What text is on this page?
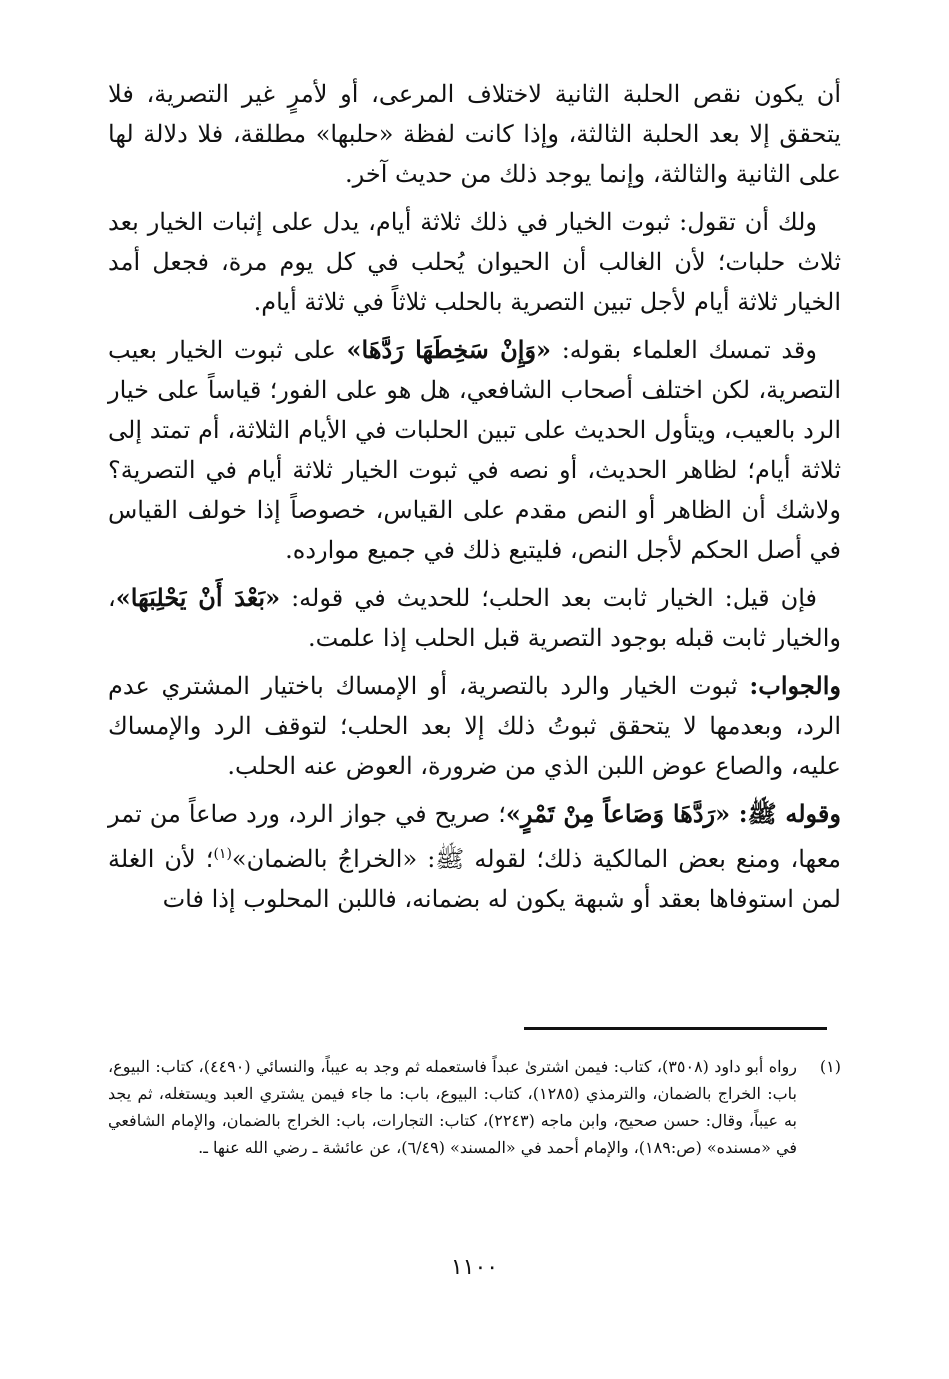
أن يكون نقص الحلبة الثانية لاختلاف المرعى، أو لأمرٍ غير التصرية، فلا يتحقق إلا بعد الحلبة الثالثة، وإذا كانت لفظة «حلبها» مطلقة، فلا دلالة لها على الثانية والثالثة، وإنما يوجد ذلك من حديث آخر.

ولك أن تقول: ثبوت الخيار في ذلك ثلاثة أيام، يدل على إثبات الخيار بعد ثلاث حلبات؛ لأن الغالب أن الحيوان يُحلب في كل يوم مرة، فجعل أمد الخيار ثلاثة أيام لأجل تبين التصرية بالحلب ثلاثاً في ثلاثة أيام.

وقد تمسك العلماء بقوله: «وَإِنْ سَخِطَهَا رَدَّهَا» على ثبوت الخيار بعيب التصرية، لكن اختلف أصحاب الشافعي، هل هو على الفور؛ قياساً على خيار الرد بالعيب، ويتأول الحديث على تبين الحلبات في الأيام الثلاثة، أم تمتد إلى ثلاثة أيام؛ لظاهر الحديث، أو نصه في ثبوت الخيار ثلاثة أيام في التصرية؟ ولاشك أن الظاهر أو النص مقدم على القياس، خصوصاً إذا خولف القياس في أصل الحكم لأجل النص، فليتبع ذلك في جميع موارده.

فإن قيل: الخيار ثابت بعد الحلب؛ للحديث في قوله: «بَعْدَ أَنْ يَحْلِبَهَا»، والخيار ثابت قبله بوجود التصرية قبل الحلب إذا علمت.

والجواب: ثبوت الخيار والرد بالتصرية، أو الإمساك باختيار المشتري عدم الرد، وبعدمها لا يتحقق ثبوتُ ذلك إلا بعد الحلب؛ لتوقف الرد والإمساك عليه، والصاع عوض اللبن الذي من ضرورة، العوض عنه الحلب.

وقوله ﷺ: «رَدَّهَا وَصَاعاً مِنْ تَمْرٍ»؛ صريح في جواز الرد، ورد صاعاً من تمر معها، ومنع بعض المالكية ذلك؛ لقوله ﷺ: «الخراجُ بالضمان»$^{(١)}$؛ لأن الغلة لمن استوفاها بعقد أو شبهة يكون له بضمانه، فاللبن المحلوب إذا فات

(١)
رواه أبو داود (٣٥٠٨)، كتاب: فيمن اشترىٰ عبداً فاستعمله ثم وجد به عيباً، والنسائي (٤٤٩٠)، كتاب: البيوع، باب: الخراج بالضمان، والترمذي (١٢٨٥)، كتاب: البيوع، باب: ما جاء فيمن يشتري العبد ويستغله، ثم يجد به عيباً، وقال: حسن صحيح، وابن ماجه (٢٢٤٣)، كتاب: التجارات، باب: الخراج بالضمان، والإمام الشافعي في «مسنده» (ص:١٨٩)، والإمام أحمد في «المسند» (٦/٤٩)، عن عائشة ـ رضي الله عنها ـ.
١١٠٠
